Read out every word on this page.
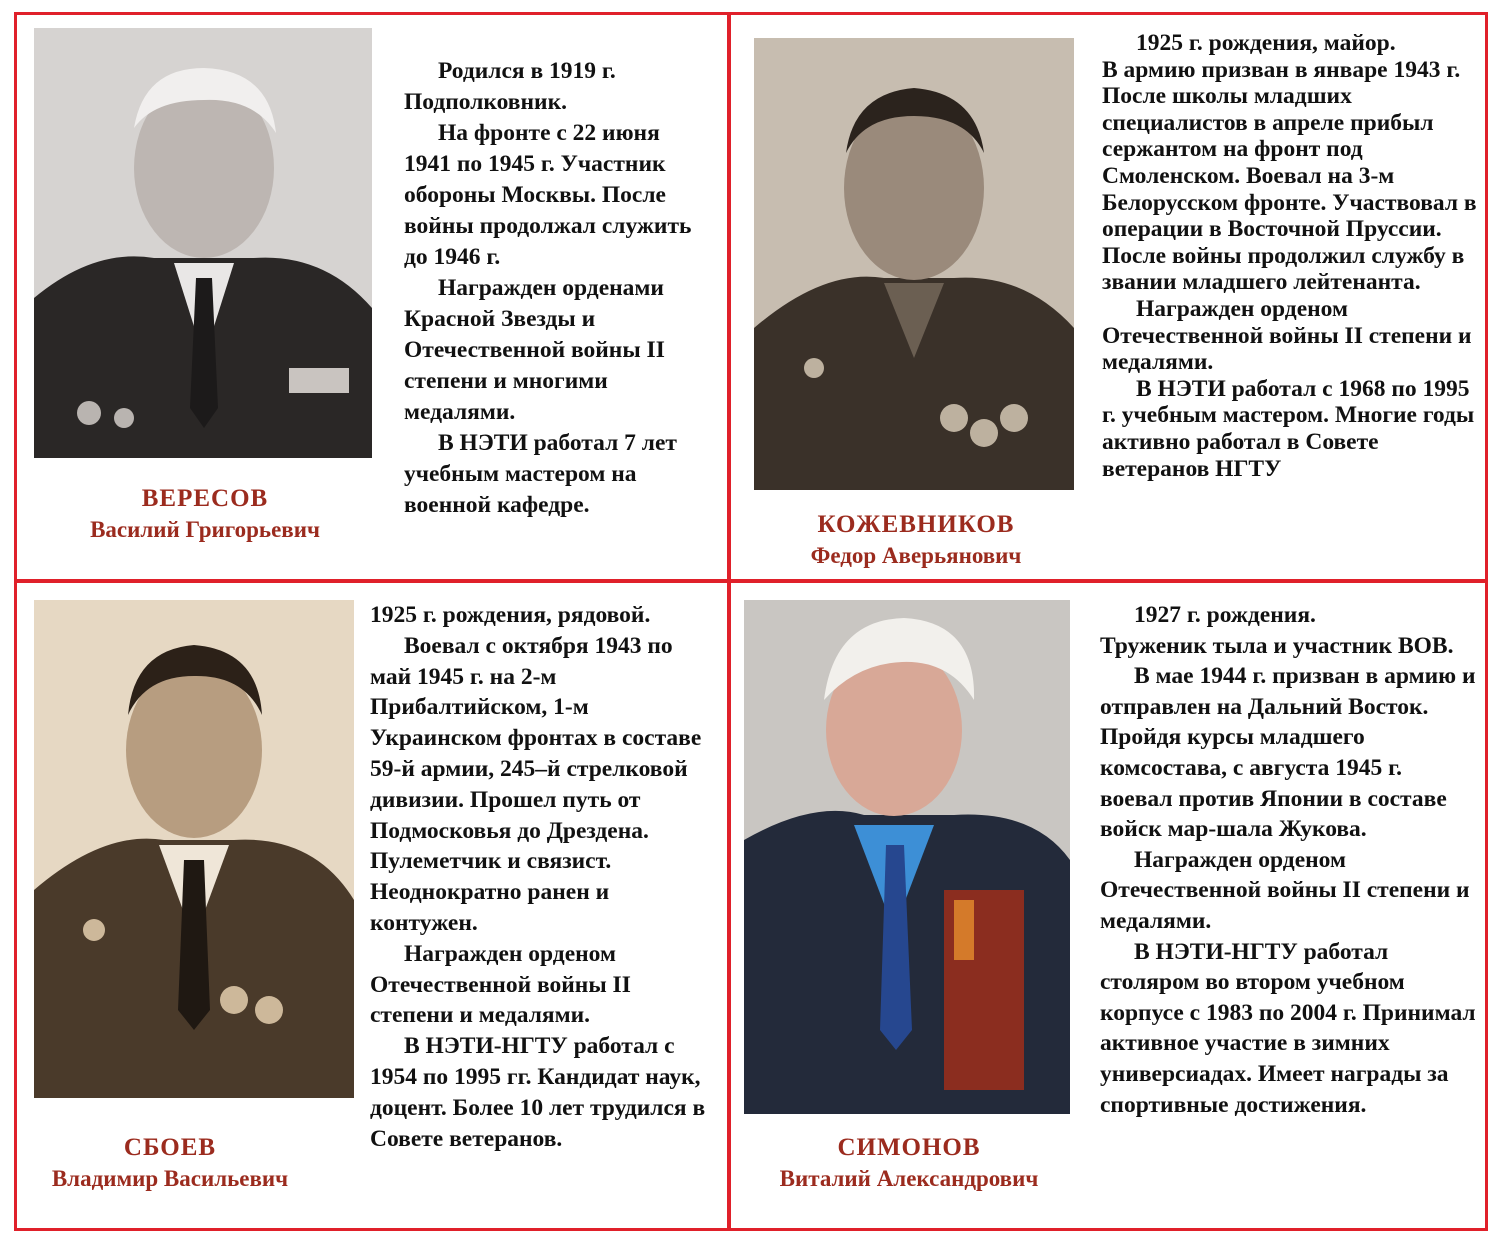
ВЕРЕСОВ
Василий Григорьевич

Родился в 1919 г.

Подполковник.

На фронте с 22 июня 1941 по 1945 г. Участник обороны Москвы. После войны продолжал служить до 1946 г.

Награжден орденами Красной Звезды и Отечественной войны II степени и многими медалями.

В НЭТИ работал 7 лет учебным мастером на военной кафедре.

КОЖЕВНИКОВ
Федор Аверьянович

1925 г. рождения, майор.

В армию призван в январе 1943 г. После школы младших специалистов в апреле прибыл сержантом на фронт под Смоленском. Воевал на 3-м Белорусском фронте. Участвовал в операции в Восточной Пруссии. После войны продолжил службу в звании младшего лейтенанта.

Награжден орденом Отечественной войны II степени и медалями.

В НЭТИ работал с 1968 по 1995 г. учебным мастером. Многие годы активно работал в Совете ветеранов НГТУ

СБОЕВ
Владимир Васильевич

1925 г. рождения, рядовой.

Воевал с октября 1943 по май 1945 г. на 2-м Прибалтийском, 1-м Украинском фронтах в составе 59-й армии, 245–й стрелковой дивизии. Прошел путь от Подмосковья до Дрездена. Пулеметчик и связист. Неоднократно ранен и контужен.

Награжден орденом Отечественной войны II степени и медалями.

В НЭТИ-НГТУ работал с 1954 по 1995 гг. Кандидат наук, доцент. Более 10 лет трудился в Совете ветеранов.	СИМОНОВ
Виталий Александрович

1927 г. рождения.

Труженик тыла и участник ВОВ.

В мае 1944 г. призван в армию и отправлен на Дальний Восток. Пройдя курсы младшего комсостава, с августа 1945 г. воевал против Японии в составе войск мар-шала Жукова.

Награжден орденом Отечественной войны II степени и медалями.

В НЭТИ-НГТУ работал столяром во втором учебном корпусе с 1983 по 2004 г. Принимал активное участие в зимних универсиадах. Имеет награды за спортивные достижения.
